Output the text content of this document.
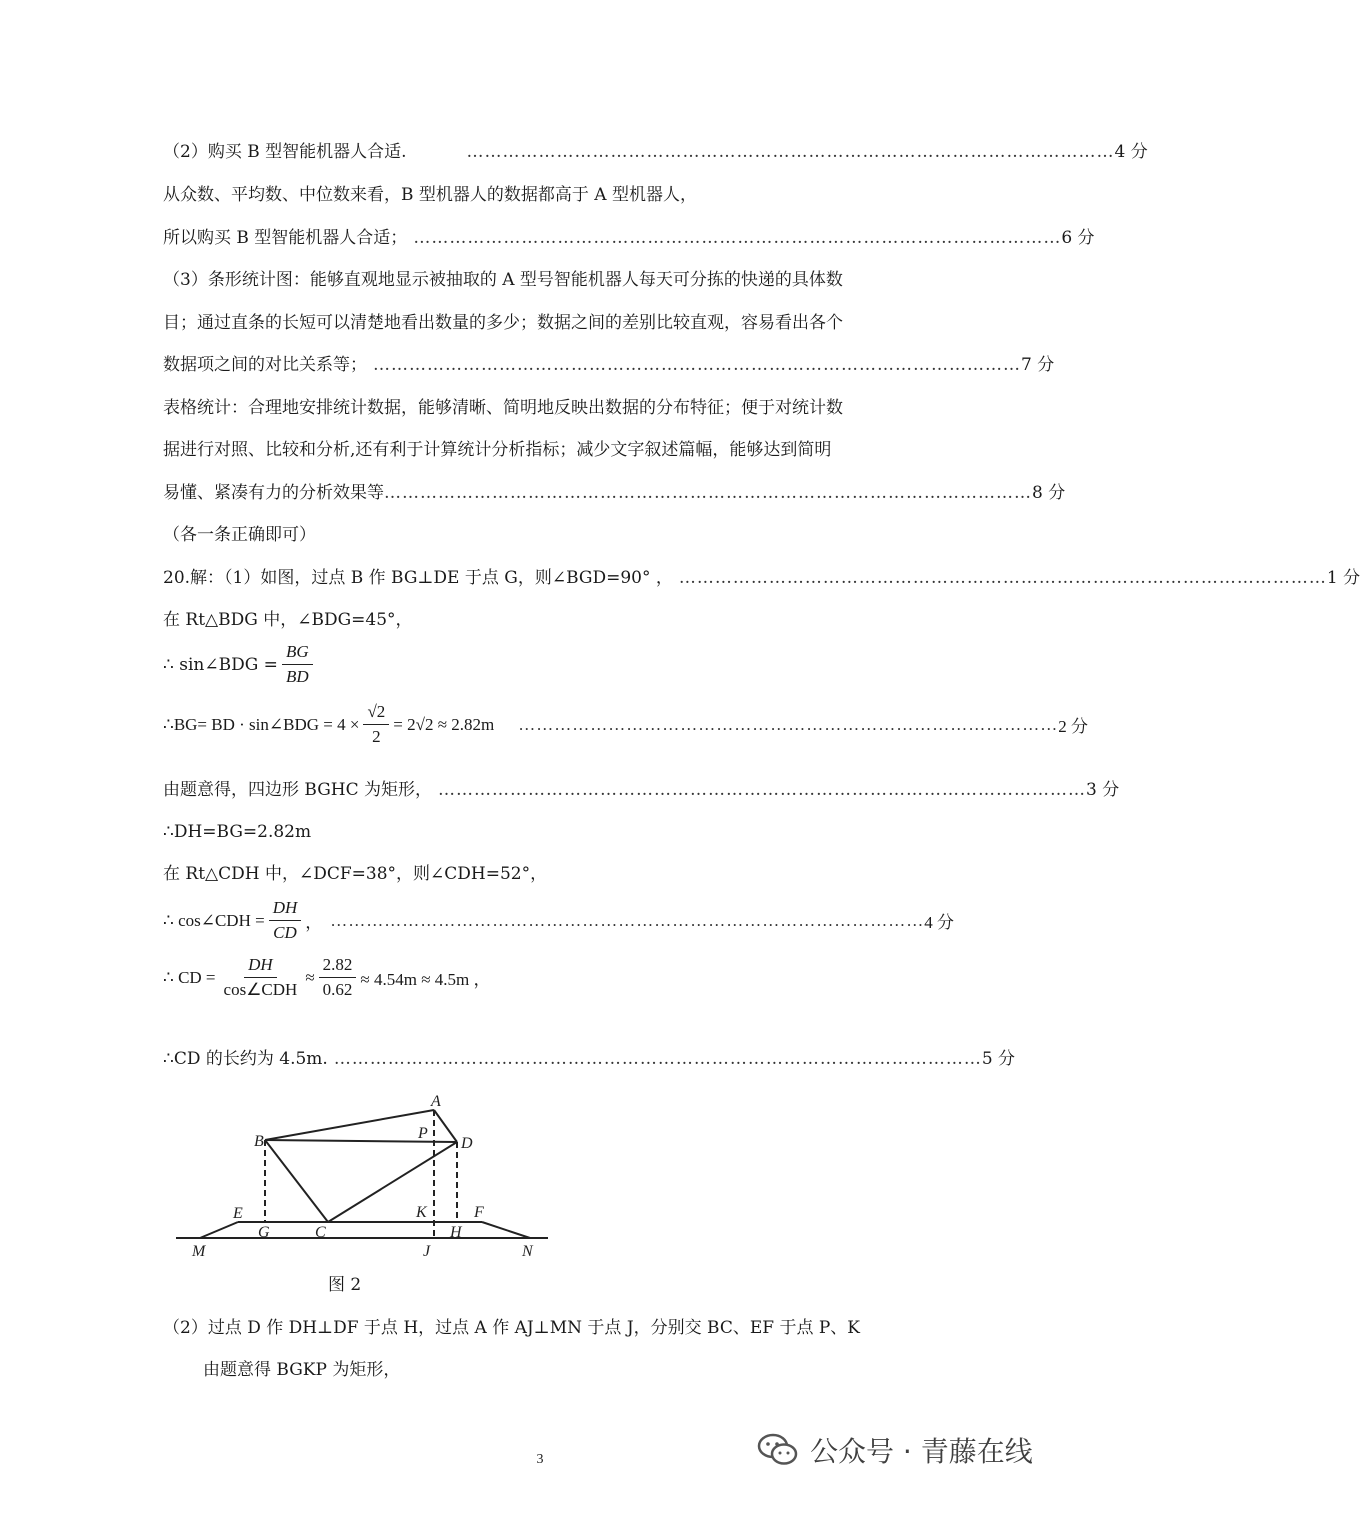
（2）购买 B 型智能机器人合适.	……………………………………………………………………………………………… 4 分
从众数、平均数、中位数来看，B 型机器人的数据都高于 A 型机器人，
所以购买 B 型智能机器人合适； ……………………………………………………………………………………………… 6 分
（3）条形统计图：能够直观地显示被抽取的 A 型号智能机器人每天可分拣的快递的具体数
目；通过直条的长短可以清楚地看出数量的多少；数据之间的差别比较直观，容易看出各个
数据项之间的对比关系等； ……………………………………………………………………………………………… 7 分
表格统计：合理地安排统计数据，能够清晰、简明地反映出数据的分布特征；便于对统计数
据进行对照、比较和分析,还有利于计算统计分析指标；减少文字叙述篇幅，能够达到简明
易懂、紧凑有力的分析效果等 ……………………………………………………………………………………………… 8 分
（各一条正确即可）
20.解：（1）如图，过点 B 作 BG⊥DE 于点 G，则∠BGD=90° ， ……………………………………………………………………………………………… 1 分
在 Rt△BDG 中，∠BDG=45°，
∴ sin∠BDG = $\frac{BG}{BD}$
∴BG= BD · sin∠BDG = $4 \times \frac{√2}{2} = 2√2 \approx 2.82m$ ……………………………………………………………………………… 2 分
由题意得，四边形 BGHC 为矩形， ……………………………………………………………………………………………… 3 分
∴DH=BG=2.82m
在 Rt△CDH 中，∠DCF=38°，则∠CDH=52°，
∴ cos∠CDH = $\frac{DH}{CD}$ ， ……………………………………………………………………………………… 4 分
∴ CD = $\frac{DH}{\text{cos∠CDH}} \approx \frac{2.82}{0.62} \approx 4.54m \approx 4.5m$ ，
∴CD 的长约为 4.5m. ……………………………………………………………………………………………… 5 分
A
B	P
D
E
G	C
K
H
F
M	J	N
图 2
（2）过点 D 作 DH⊥DF 于点 H，过点 A 作 AJ⊥MN 于点 J，分别交 BC、EF 于点 P、K
由题意得 BGKP 为矩形，
3	公众号 · 青藤在线
